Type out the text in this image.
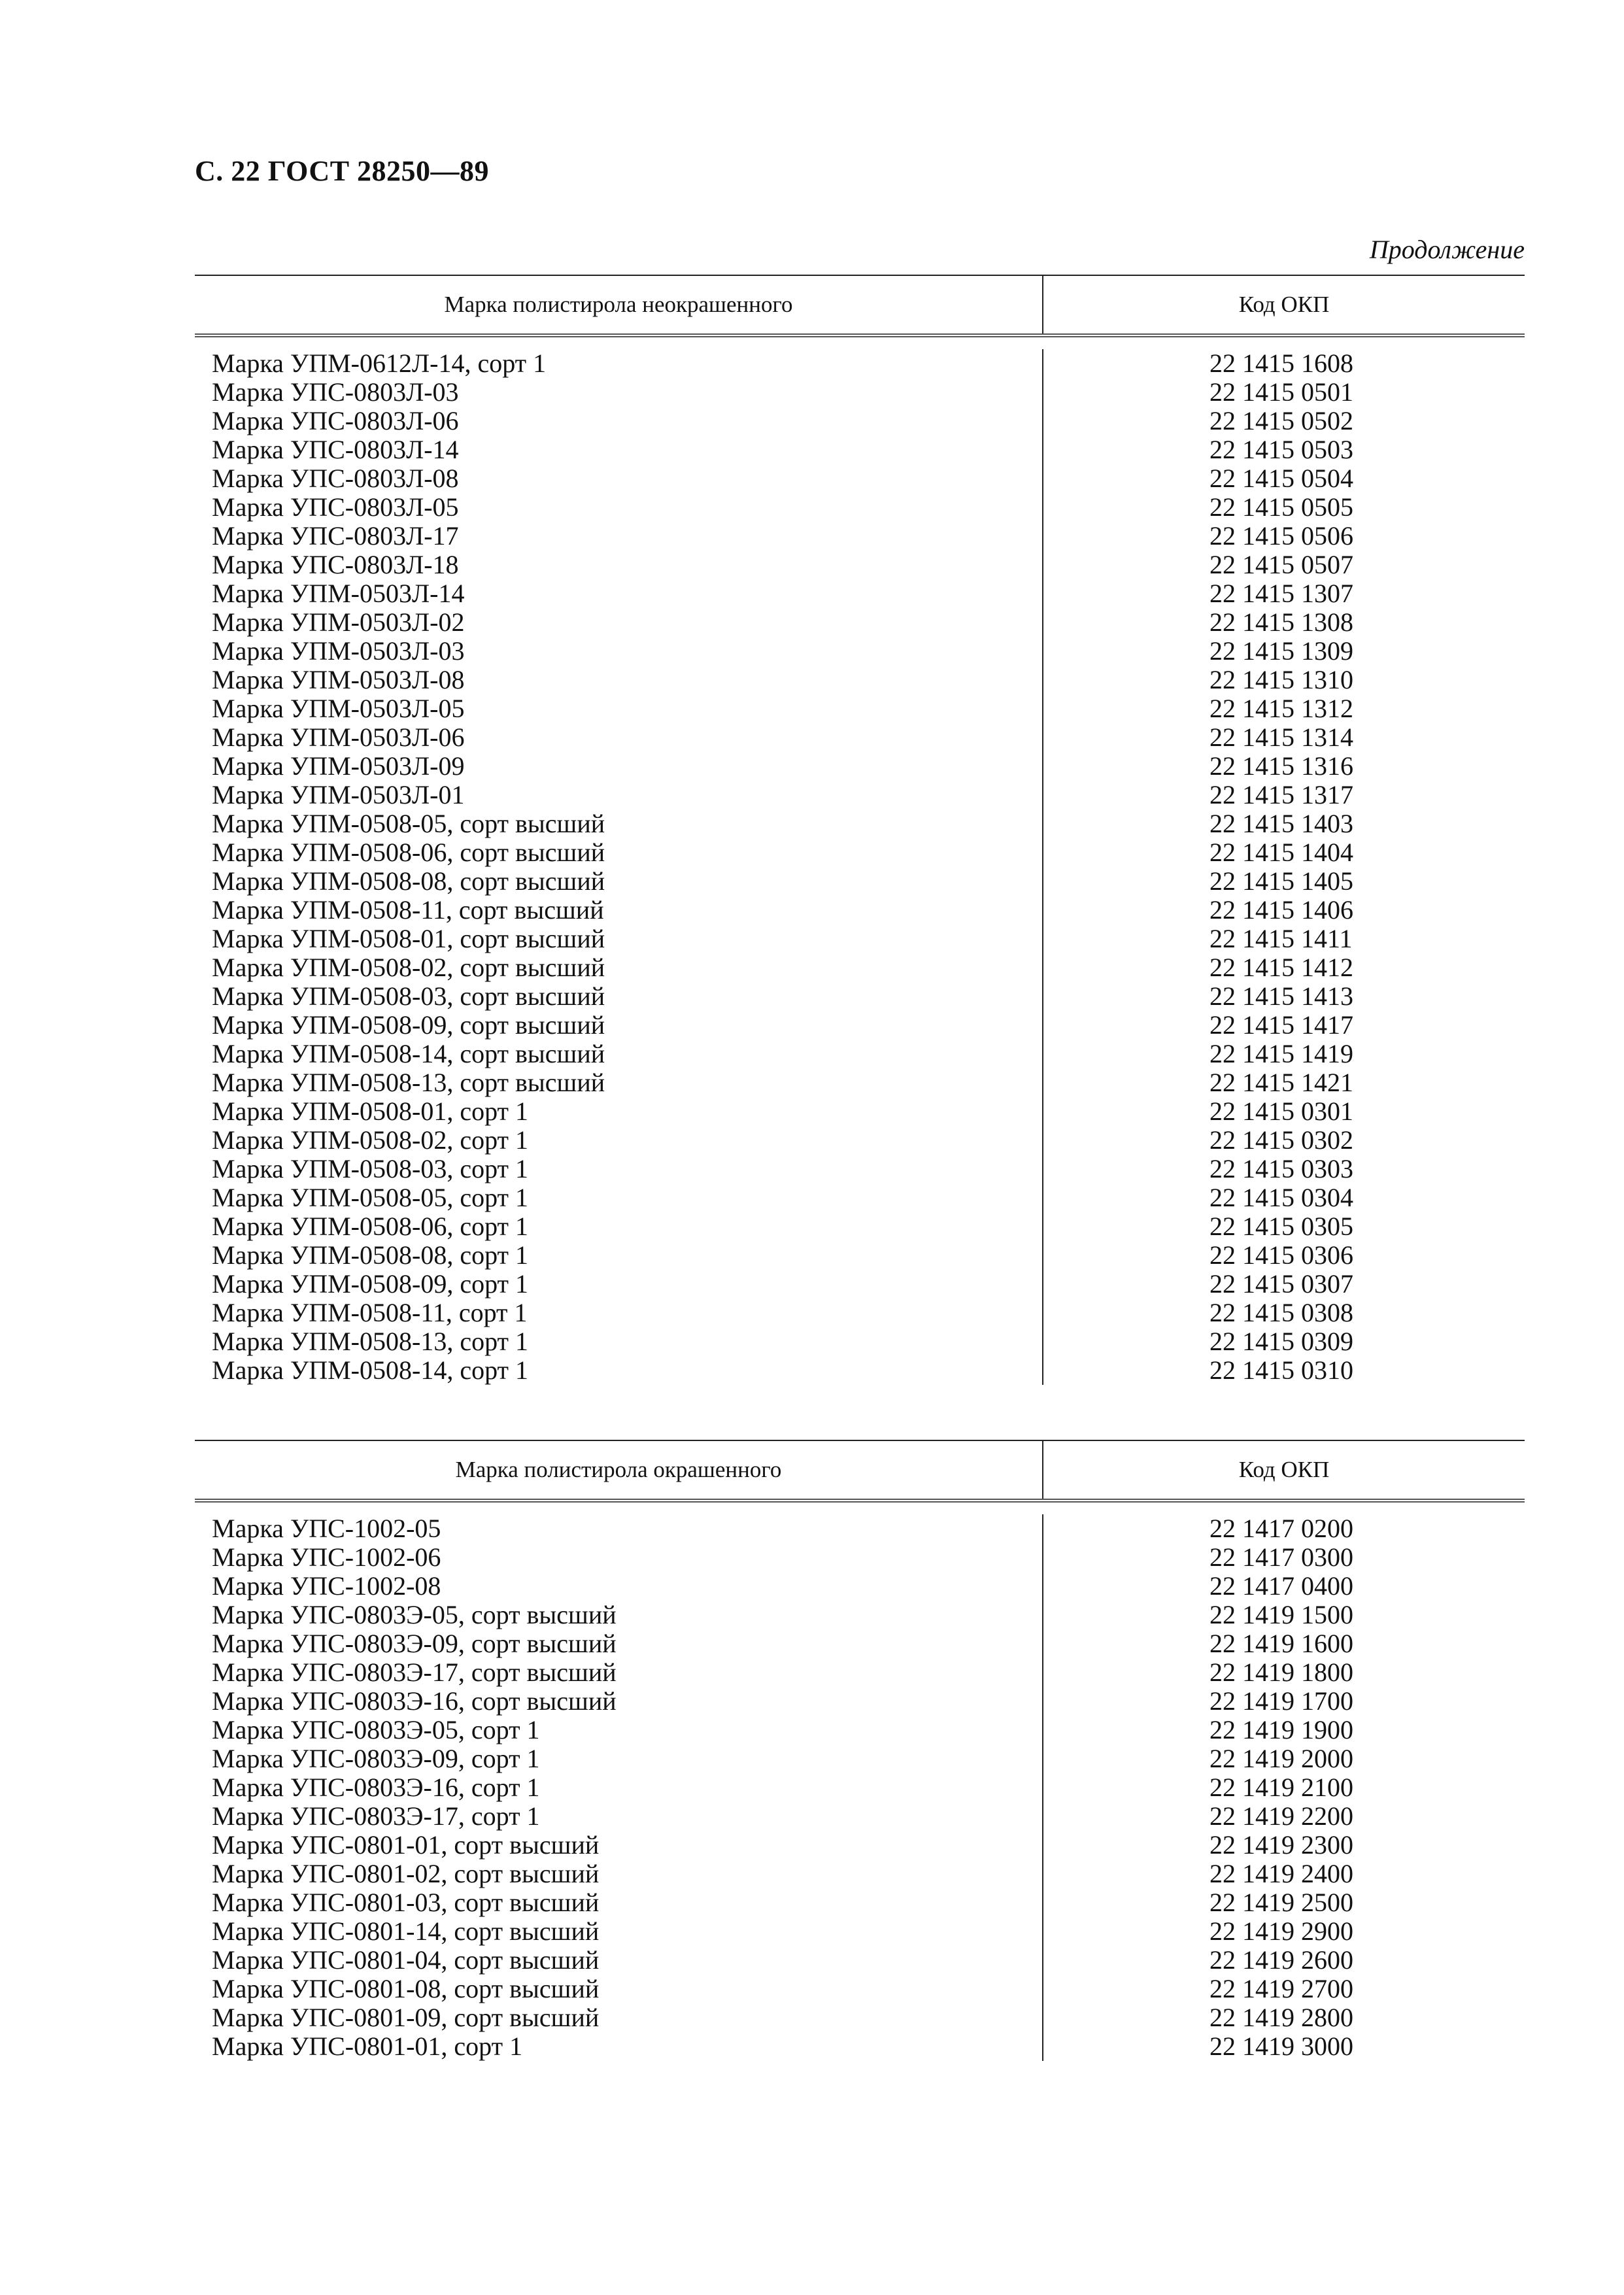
С. 22 ГОСТ 28250—89
Продолжение
Марка полистирола неокрашенного	Код ОКП
Марка УПМ-0612Л-14, сорт 1
Марка УПС-0803Л-03
Марка УПС-0803Л-06
Марка УПС-0803Л-14
Марка УПС-0803Л-08
Марка УПС-0803Л-05
Марка УПС-0803Л-17
Марка УПС-0803Л-18
Марка УПМ-0503Л-14
Марка УПМ-0503Л-02
Марка УПМ-0503Л-03
Марка УПМ-0503Л-08
Марка УПМ-0503Л-05
Марка УПМ-0503Л-06
Марка УПМ-0503Л-09
Марка УПМ-0503Л-01
Марка УПМ-0508-05, сорт высший
Марка УПМ-0508-06, сорт высший
Марка УПМ-0508-08, сорт высший
Марка УПМ-0508-11, сорт высший
Марка УПМ-0508-01, сорт высший
Марка УПМ-0508-02, сорт высший
Марка УПМ-0508-03, сорт высший
Марка УПМ-0508-09, сорт высший
Марка УПМ-0508-14, сорт высший
Марка УПМ-0508-13, сорт высший
Марка УПМ-0508-01, сорт 1
Марка УПМ-0508-02, сорт 1
Марка УПМ-0508-03, сорт 1
Марка УПМ-0508-05, сорт 1
Марка УПМ-0508-06, сорт 1
Марка УПМ-0508-08, сорт 1
Марка УПМ-0508-09, сорт 1
Марка УПМ-0508-11, сорт 1
Марка УПМ-0508-13, сорт 1
Марка УПМ-0508-14, сорт 1
22 1415 1608
22 1415 0501
22 1415 0502
22 1415 0503
22 1415 0504
22 1415 0505
22 1415 0506
22 1415 0507
22 1415 1307
22 1415 1308
22 1415 1309
22 1415 1310
22 1415 1312
22 1415 1314
22 1415 1316
22 1415 1317
22 1415 1403
22 1415 1404
22 1415 1405
22 1415 1406
22 1415 1411
22 1415 1412
22 1415 1413
22 1415 1417
22 1415 1419
22 1415 1421
22 1415 0301
22 1415 0302
22 1415 0303
22 1415 0304
22 1415 0305
22 1415 0306
22 1415 0307
22 1415 0308
22 1415 0309
22 1415 0310
Марка полистирола окрашенного	Код ОКП
Марка УПС-1002-05
Марка УПС-1002-06
Марка УПС-1002-08
Марка УПС-0803Э-05, сорт высший
Марка УПС-0803Э-09, сорт высший
Марка УПС-0803Э-17, сорт высший
Марка УПС-0803Э-16, сорт высший
Марка УПС-0803Э-05, сорт 1
Марка УПС-0803Э-09, сорт 1
Марка УПС-0803Э-16, сорт 1
Марка УПС-0803Э-17, сорт 1
Марка УПС-0801-01, сорт высший
Марка УПС-0801-02, сорт высший
Марка УПС-0801-03, сорт высший
Марка УПС-0801-14, сорт высший
Марка УПС-0801-04, сорт высший
Марка УПС-0801-08, сорт высший
Марка УПС-0801-09, сорт высший
Марка УПС-0801-01, сорт 1
22 1417 0200
22 1417 0300
22 1417 0400
22 1419 1500
22 1419 1600
22 1419 1800
22 1419 1700
22 1419 1900
22 1419 2000
22 1419 2100
22 1419 2200
22 1419 2300
22 1419 2400
22 1419 2500
22 1419 2900
22 1419 2600
22 1419 2700
22 1419 2800
22 1419 3000
